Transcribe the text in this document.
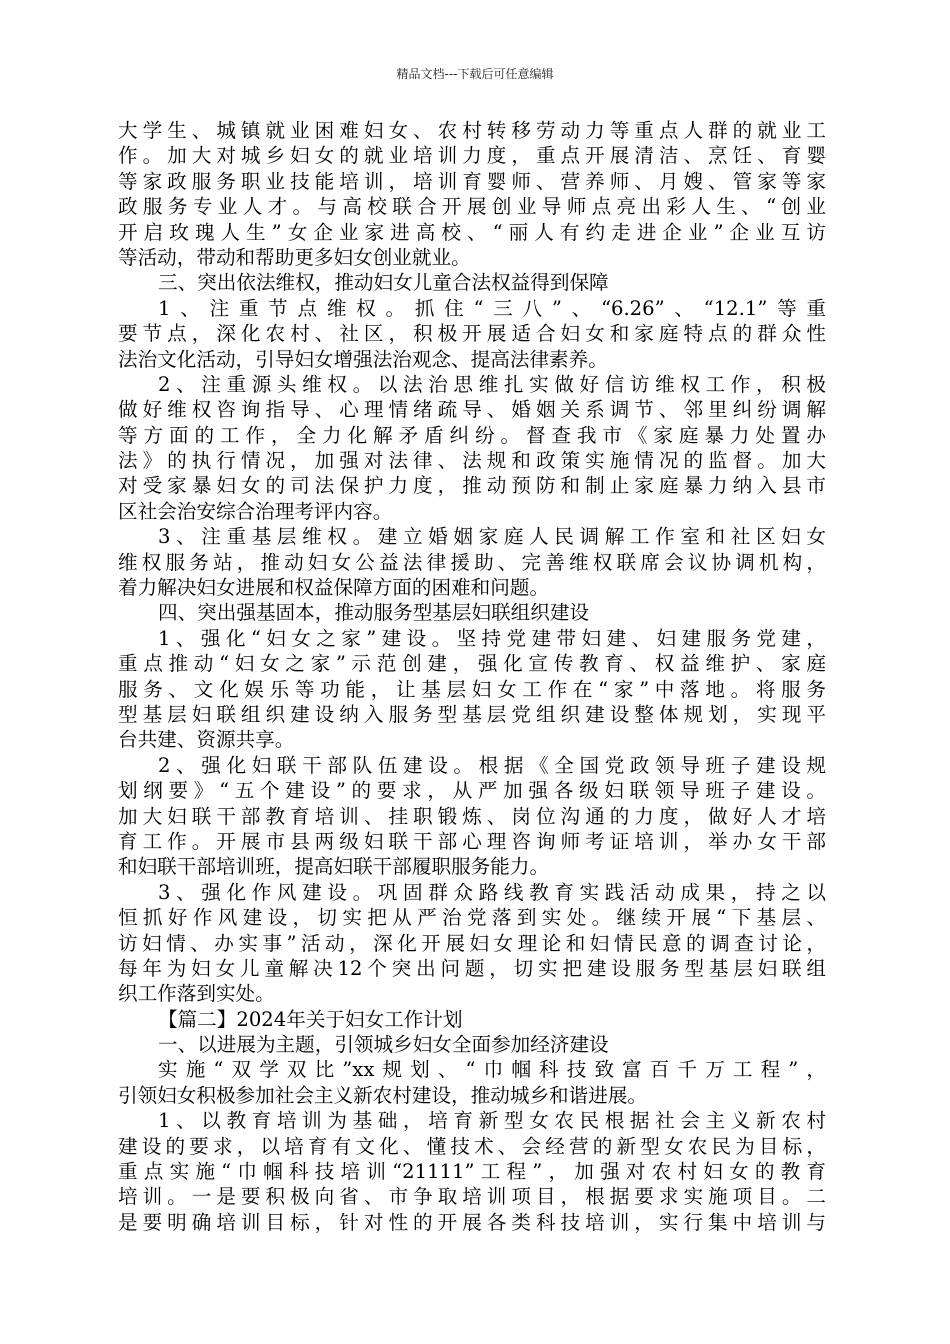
精品文档---下载后可任意编辑
大学生、城镇就业困难妇女、农村转移劳动力等重点人群的就业工
作。加大对城乡妇女的就业培训力度，重点开展清洁、烹饪、育婴
等家政服务职业技能培训，培训育婴师、营养师、月嫂、管家等家
政服务专业人才。与高校联合开展创业导师点亮出彩人生、“创业
开启玫瑰人生”女企业家进高校、“丽人有约走进企业”企业互访
等活动，带动和帮助更多妇女创业就业。
三、突出依法维权，推动妇女儿童合法权益得到保障
1、注重节点维权。抓住“三八”、“6.26”、“12.1”等重
要节点，深化农村、社区，积极开展适合妇女和家庭特点的群众性
法治文化活动，引导妇女增强法治观念、提高法律素养。
2、注重源头维权。以法治思维扎实做好信访维权工作，积极
做好维权咨询指导、心理情绪疏导、婚姻关系调节、邻里纠纷调解
等方面的工作，全力化解矛盾纠纷。督查我市《家庭暴力处置办
法》的执行情况，加强对法律、法规和政策实施情况的监督。加大
对受家暴妇女的司法保护力度，推动预防和制止家庭暴力纳入县市
区社会治安综合治理考评内容。
3、注重基层维权。建立婚姻家庭人民调解工作室和社区妇女
维权服务站，推动妇女公益法律援助、完善维权联席会议协调机构，
着力解决妇女进展和权益保障方面的困难和问题。
四、突出强基固本，推动服务型基层妇联组织建设
1、强化“妇女之家”建设。坚持党建带妇建、妇建服务党建，
重点推动“妇女之家”示范创建，强化宣传教育、权益维护、家庭
服务、文化娱乐等功能，让基层妇女工作在“家”中落地。将服务
型基层妇联组织建设纳入服务型基层党组织建设整体规划，实现平
台共建、资源共享。
2、强化妇联干部队伍建设。根据《全国党政领导班子建设规
划纲要》“五个建设”的要求，从严加强各级妇联领导班子建设。
加大妇联干部教育培训、挂职锻炼、岗位沟通的力度，做好人才培
育工作。开展市县两级妇联干部心理咨询师考证培训，举办女干部
和妇联干部培训班，提高妇联干部履职服务能力。
3、强化作风建设。巩固群众路线教育实践活动成果，持之以
恒抓好作风建设，切实把从严治党落到实处。继续开展“下基层、
访妇情、办实事”活动，深化开展妇女理论和妇情民意的调查讨论，
每年为妇女儿童解决12个突出问题，切实把建设服务型基层妇联组
织工作落到实处。
【篇二】2024年关于妇女工作计划
一、以进展为主题，引领城乡妇女全面参加经济建设
实施“双学双比”xx规划、“巾帼科技致富百千万工程”，
引领妇女积极参加社会主义新农村建设，推动城乡和谐进展。
1、以教育培训为基础，培育新型女农民根据社会主义新农村
建设的要求，以培育有文化、懂技术、会经营的新型女农民为目标，
重点实施“巾帼科技培训“21111”工程”，加强对农村妇女的教育
培训。一是要积极向省、市争取培训项目，根据要求实施项目。二
是要明确培训目标，针对性的开展各类科技培训，实行集中培训与
